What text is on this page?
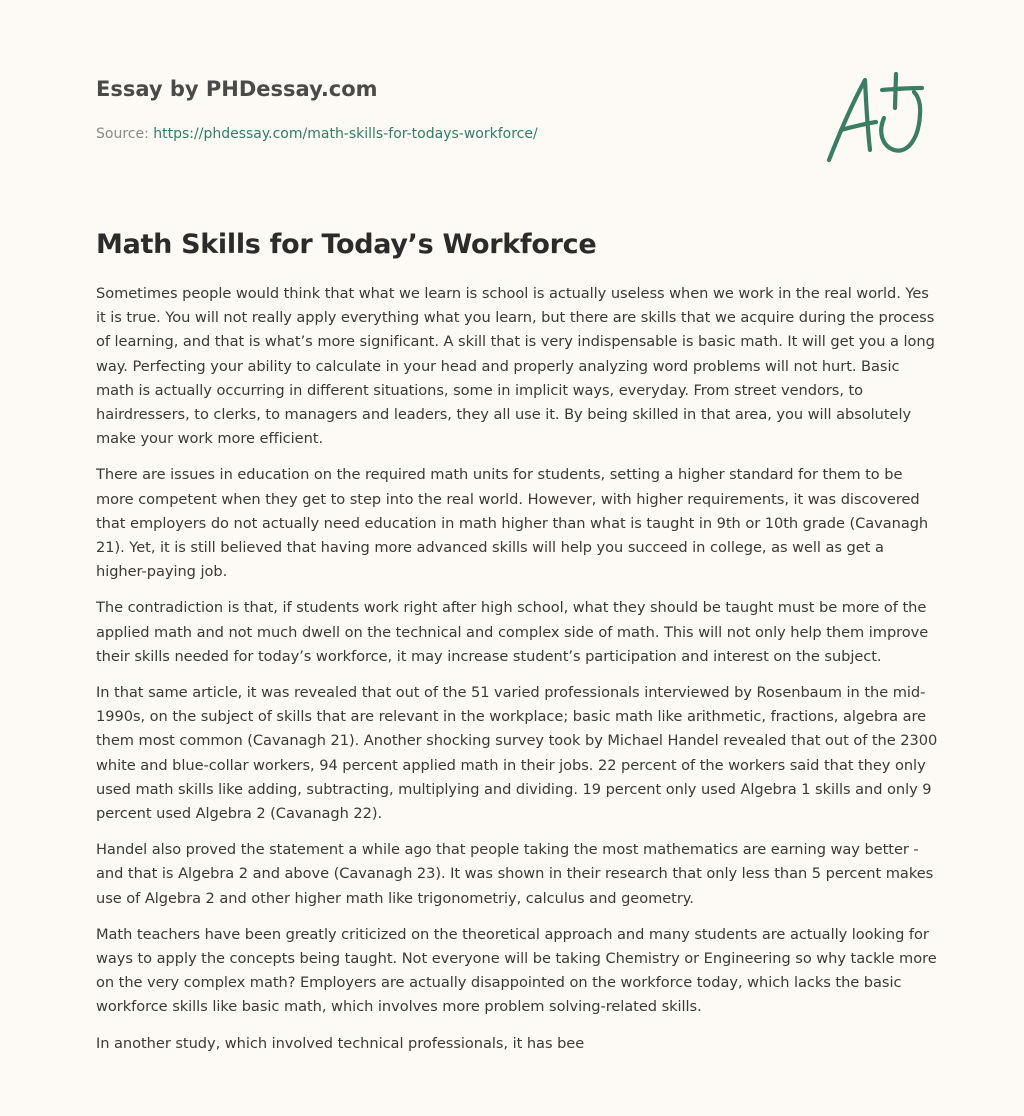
Essay by PHDessay.com
Source: https://phdessay.com/math-skills-for-todays-workforce/
Math Skills for Today’s Workforce

Sometimes people would think that what we learn is school is actually useless when we work in the real world. Yes it is true. You will not really apply everything what you learn, but there are skills that we acquire during the process of learning, and that is what’s more significant. A skill that is very indispensable is basic math. It will get you a long way. Perfecting your ability to calculate in your head and properly analyzing word problems will not hurt. Basic math is actually occurring in different situations, some in implicit ways, everyday. From street vendors, to hairdressers, to clerks, to managers and leaders, they all use it. By being skilled in that area, you will absolutely make your work more efficient.

There are issues in education on the required math units for students, setting a higher standard for them to be more competent when they get to step into the real world. However, with higher requirements, it was discovered that employers do not actually need education in math higher than what is taught in 9th or 10th grade (Cavanagh 21). Yet, it is still believed that having more advanced skills will help you succeed in college, as well as get a higher-paying job.

The contradiction is that, if students work right after high school, what they should be taught must be more of the applied math and not much dwell on the technical and complex side of math. This will not only help them improve their skills needed for today’s workforce, it may increase student’s participation and interest on the subject.

In that same article, it was revealed that out of the 51 varied professionals interviewed by Rosenbaum in the mid-1990s, on the subject of skills that are relevant in the workplace; basic math like arithmetic, fractions, algebra are them most common (Cavanagh 21). Another shocking survey took by Michael Handel revealed that out of the 2300 white and blue-collar workers, 94 percent applied math in their jobs. 22 percent of the workers said that they only used math skills like adding, subtracting, multiplying and dividing. 19 percent only used Algebra 1 skills and only 9 percent used Algebra 2 (Cavanagh 22).

Handel also proved the statement a while ago that people taking the most mathematics are earning way better - and that is Algebra 2 and above (Cavanagh 23). It was shown in their research that only less than 5 percent makes use of Algebra 2 and other higher math like trigonometriy, calculus and geometry.

Math teachers have been greatly criticized on the theoretical approach and many students are actually looking for ways to apply the concepts being taught. Not everyone will be taking Chemistry or Engineering so why tackle more on the very complex math? Employers are actually disappointed on the workforce today, which lacks the basic workforce skills like basic math, which involves more problem solving-related skills.

In another study, which involved technical professionals, it has bee
